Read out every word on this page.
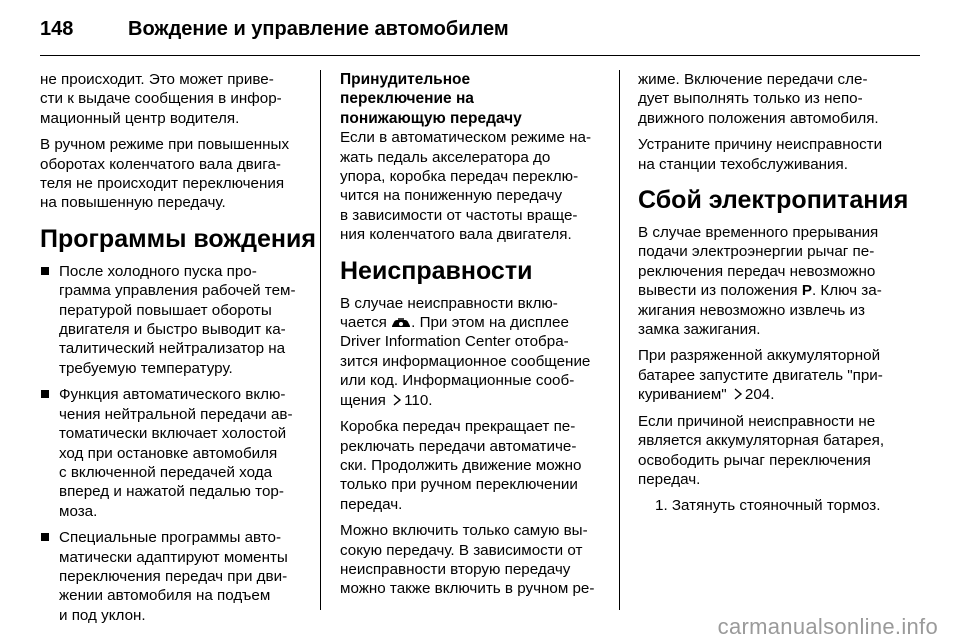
148	Вождение и управление автомобилем

не происходит. Это может приве-
сти к выдаче сообщения в инфор-
мационный центр водителя.

В ручном режиме при повышенных
оборотах коленчатого вала двига-
теля не происходит переключения
на повышенную передачу.

Программы вождения
После холодного пуска про-
грамма управления рабочей тем-
пературой повышает обороты
двигателя и быстро выводит ка-
талитический нейтрализатор на
требуемую температуру.
Функция автоматического вклю-
чения нейтральной передачи ав-
томатически включает холостой
ход при остановке автомобиля
с включенной передачей хода
вперед и нажатой педалью тор-
моза.
Специальные программы авто-
матически адаптируют моменты
переключения передач при дви-
жении автомобиля на подъем
и под уклон.
Принудительное
переключение на
понижающую передачу

Если в автоматическом режиме на-
жать педаль акселератора до
упора, коробка передач переклю-
чится на пониженную передачу
в зависимости от частоты враще-
ния коленчатого вала двигателя.

Неисправности

В случае неисправности вклю-
чается . При этом на дисплее
Driver Information Center отобра-
зится информационное сообщение
или код. Информационные сооб-
щения 110.

Коробка передач прекращает пе-
реключать передачи автоматиче-
ски. Продолжить движение можно
только при ручном переключении
передач.

Можно включить только самую вы-
сокую передачу. В зависимости от
неисправности вторую передачу
можно также включить в ручном ре-

жиме. Включение передачи сле-
дует выполнять только из непо-
движного положения автомобиля.

Устраните причину неисправности
на станции техобслуживания.

Сбой электропитания

В случае временного прерывания
подачи электроэнергии рычаг пе-
реключения передач невозможно
вывести из положения P. Ключ за-
жигания невозможно извлечь из
замка зажигания.

При разряженной аккумуляторной
батарее запустите двигатель "при-
куриванием" 204.

Если причиной неисправности не
является аккумуляторная батарея,
освободить рычаг переключения
передач.

1. Затянуть стояночный тормоз.
carmanualsonline.info
